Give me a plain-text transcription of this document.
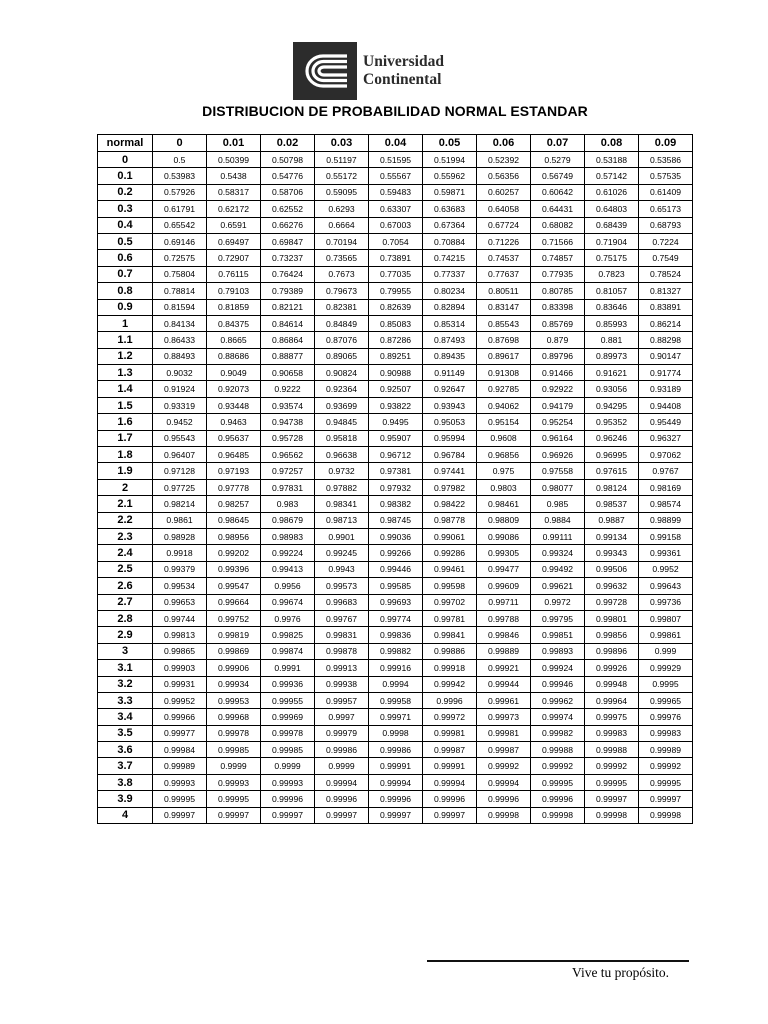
Universidad
Continental
DISTRIBUCION DE PROBABILIDAD NORMAL ESTANDAR
normal	0	0.01	0.02	0.03	0.04	0.05	0.06	0.07	0.08	0.09
0	0.5	0.50399	0.50798	0.51197	0.51595	0.51994	0.52392	0.5279	0.53188	0.53586
0.1	0.53983	0.5438	0.54776	0.55172	0.55567	0.55962	0.56356	0.56749	0.57142	0.57535
0.2	0.57926	0.58317	0.58706	0.59095	0.59483	0.59871	0.60257	0.60642	0.61026	0.61409
0.3	0.61791	0.62172	0.62552	0.6293	0.63307	0.63683	0.64058	0.64431	0.64803	0.65173
0.4	0.65542	0.6591	0.66276	0.6664	0.67003	0.67364	0.67724	0.68082	0.68439	0.68793
0.5	0.69146	0.69497	0.69847	0.70194	0.7054	0.70884	0.71226	0.71566	0.71904	0.7224
0.6	0.72575	0.72907	0.73237	0.73565	0.73891	0.74215	0.74537	0.74857	0.75175	0.7549
0.7	0.75804	0.76115	0.76424	0.7673	0.77035	0.77337	0.77637	0.77935	0.7823	0.78524
0.8	0.78814	0.79103	0.79389	0.79673	0.79955	0.80234	0.80511	0.80785	0.81057	0.81327
0.9	0.81594	0.81859	0.82121	0.82381	0.82639	0.82894	0.83147	0.83398	0.83646	0.83891
1	0.84134	0.84375	0.84614	0.84849	0.85083	0.85314	0.85543	0.85769	0.85993	0.86214
1.1	0.86433	0.8665	0.86864	0.87076	0.87286	0.87493	0.87698	0.879	0.881	0.88298
1.2	0.88493	0.88686	0.88877	0.89065	0.89251	0.89435	0.89617	0.89796	0.89973	0.90147
1.3	0.9032	0.9049	0.90658	0.90824	0.90988	0.91149	0.91308	0.91466	0.91621	0.91774
1.4	0.91924	0.92073	0.9222	0.92364	0.92507	0.92647	0.92785	0.92922	0.93056	0.93189
1.5	0.93319	0.93448	0.93574	0.93699	0.93822	0.93943	0.94062	0.94179	0.94295	0.94408
1.6	0.9452	0.9463	0.94738	0.94845	0.9495	0.95053	0.95154	0.95254	0.95352	0.95449
1.7	0.95543	0.95637	0.95728	0.95818	0.95907	0.95994	0.9608	0.96164	0.96246	0.96327
1.8	0.96407	0.96485	0.96562	0.96638	0.96712	0.96784	0.96856	0.96926	0.96995	0.97062
1.9	0.97128	0.97193	0.97257	0.9732	0.97381	0.97441	0.975	0.97558	0.97615	0.9767
2	0.97725	0.97778	0.97831	0.97882	0.97932	0.97982	0.9803	0.98077	0.98124	0.98169
2.1	0.98214	0.98257	0.983	0.98341	0.98382	0.98422	0.98461	0.985	0.98537	0.98574
2.2	0.9861	0.98645	0.98679	0.98713	0.98745	0.98778	0.98809	0.9884	0.9887	0.98899
2.3	0.98928	0.98956	0.98983	0.9901	0.99036	0.99061	0.99086	0.99111	0.99134	0.99158
2.4	0.9918	0.99202	0.99224	0.99245	0.99266	0.99286	0.99305	0.99324	0.99343	0.99361
2.5	0.99379	0.99396	0.99413	0.9943	0.99446	0.99461	0.99477	0.99492	0.99506	0.9952
2.6	0.99534	0.99547	0.9956	0.99573	0.99585	0.99598	0.99609	0.99621	0.99632	0.99643
2.7	0.99653	0.99664	0.99674	0.99683	0.99693	0.99702	0.99711	0.9972	0.99728	0.99736
2.8	0.99744	0.99752	0.9976	0.99767	0.99774	0.99781	0.99788	0.99795	0.99801	0.99807
2.9	0.99813	0.99819	0.99825	0.99831	0.99836	0.99841	0.99846	0.99851	0.99856	0.99861
3	0.99865	0.99869	0.99874	0.99878	0.99882	0.99886	0.99889	0.99893	0.99896	0.999
3.1	0.99903	0.99906	0.9991	0.99913	0.99916	0.99918	0.99921	0.99924	0.99926	0.99929
3.2	0.99931	0.99934	0.99936	0.99938	0.9994	0.99942	0.99944	0.99946	0.99948	0.9995
3.3	0.99952	0.99953	0.99955	0.99957	0.99958	0.9996	0.99961	0.99962	0.99964	0.99965
3.4	0.99966	0.99968	0.99969	0.9997	0.99971	0.99972	0.99973	0.99974	0.99975	0.99976
3.5	0.99977	0.99978	0.99978	0.99979	0.9998	0.99981	0.99981	0.99982	0.99983	0.99983
3.6	0.99984	0.99985	0.99985	0.99986	0.99986	0.99987	0.99987	0.99988	0.99988	0.99989
3.7	0.99989	0.9999	0.9999	0.9999	0.99991	0.99991	0.99992	0.99992	0.99992	0.99992
3.8	0.99993	0.99993	0.99993	0.99994	0.99994	0.99994	0.99994	0.99995	0.99995	0.99995
3.9	0.99995	0.99995	0.99996	0.99996	0.99996	0.99996	0.99996	0.99996	0.99997	0.99997
4	0.99997	0.99997	0.99997	0.99997	0.99997	0.99997	0.99998	0.99998	0.99998	0.99998
Vive tu propósito.
